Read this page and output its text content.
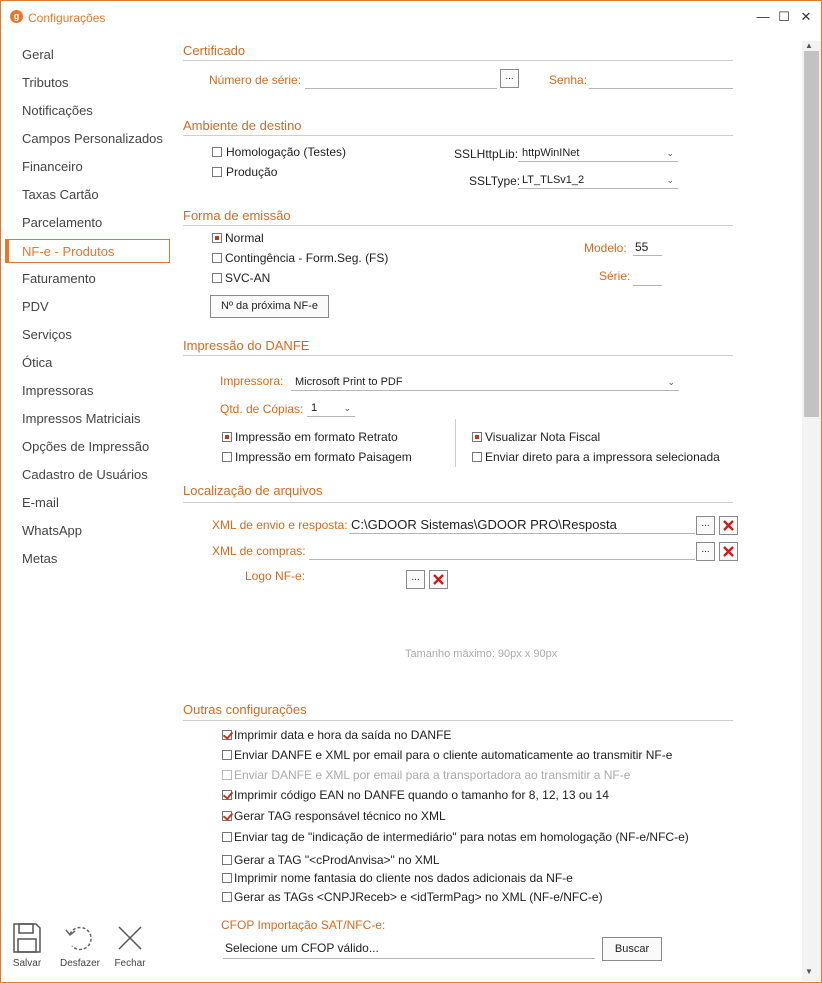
g Configurações	— ☐ ✕
Geral
Tributos
Notificações
Campos Personalizados
Financeiro
Taxas Cartão
Parcelamento
NF-e - Produtos
Faturamento
PDV
Serviços
Ótica
Impressoras
Impressos Matriciais
Opções de Impressão
Cadastro de Usuários
E-mail
WhatsApp
Metas
Salvar	Desfazer	Fechar
Certificado
Número de série:	...	Senha:
Ambiente de destino
Homologação (Testes)
Produção
SSLHttpLib: httpWinINet	⌄
SSLType: LT_TLSv1_2	⌄
Forma de emissão
Normal
Contingência - Form.Seg. (FS)
SVC-AN
Modelo: 55
Série:
Nº da próxima NF-e
Impressão do DANFE
Impressora:	Microsoft Print to PDF	⌄
Qtd. de Cópias: 1	⌄
Impressão em formato Retrato
Impressão em formato Paisagem
Visualizar Nota Fiscal
Enviar direto para a impressora selecionada
Localização de arquivos
XML de envio e resposta: C:\GDOOR Sistemas\GDOOR PRO\Resposta	...
XML de compras:	...
Logo NF-e:	...
Tamanho máximo: 90px x 90px
Outras configurações
Imprimir data e hora da saída no DANFE
Enviar DANFE e XML por email para o cliente automaticamente ao transmitir NF-e
Enviar DANFE e XML por email para a transportadora ao transmitir a NF-e
Imprimir código EAN no DANFE quando o tamanho for 8, 12, 13 ou 14
Gerar TAG responsável técnico no XML
Enviar tag de "indicação de intermediário" para notas em homologação (NF-e/NFC-e)
Gerar a TAG "<cProdAnvisa>" no XML
Imprimir nome fantasia do cliente nos dados adicionais da NF-e
Gerar as TAGs <CNPJReceb> e <idTermPag> no XML (NF-e/NFC-e)
CFOP Importação SAT/NFC-e:
Selecione um CFOP válido...	Buscar
▲
▼
